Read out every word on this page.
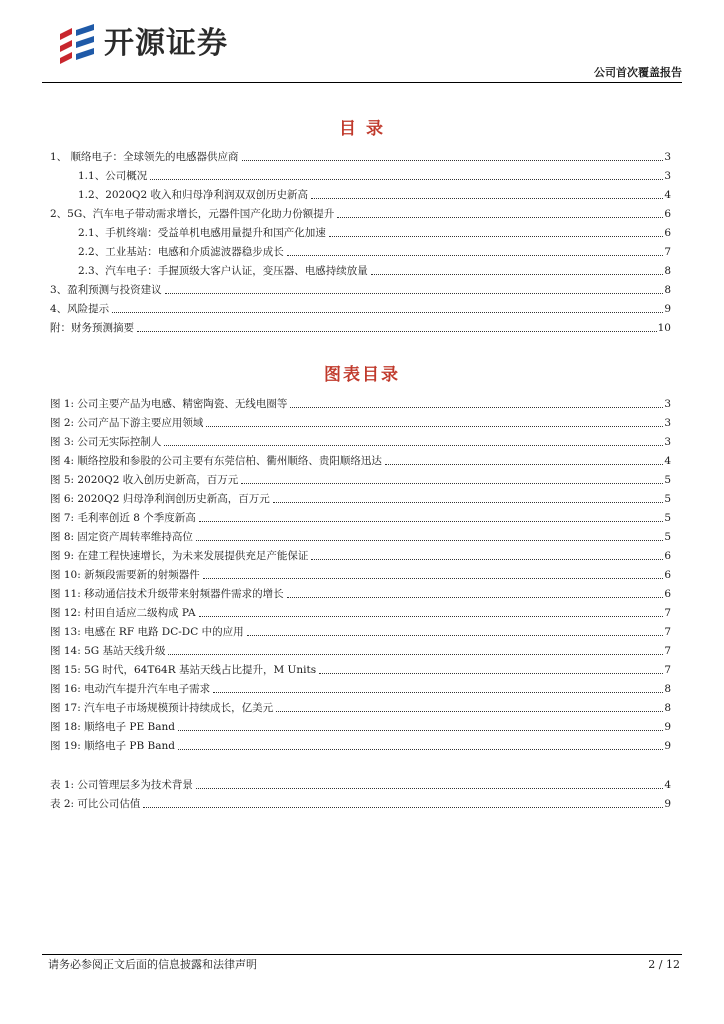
开源证券
公司首次覆盖报告
目 录
1、 顺络电子：全球领先的电感器供应商	3
1.1、公司概况	3
1.2、2020Q2 收入和归母净利润双双创历史新高	4
2、5G、汽车电子带动需求增长，元器件国产化助力份额提升	6
2.1、手机终端：受益单机电感用量提升和国产化加速	6
2.2、工业基站：电感和介质滤波器稳步成长	7
2.3、汽车电子：手握顶级大客户认证，变压器、电感持续放量	8
3、盈利预测与投资建议	8
4、风险提示	9
附：财务预测摘要	10
图表目录
图 1: 公司主要产品为电感、精密陶瓷、无线电圈等	3
图 2: 公司产品下游主要应用领域	3
图 3: 公司无实际控制人	3
图 4: 顺络控股和参股的公司主要有东莞信柏、衢州顺络、贵阳顺络迅达	4
图 5: 2020Q2 收入创历史新高，百万元	5
图 6: 2020Q2 归母净利润创历史新高，百万元	5
图 7: 毛利率创近 8 个季度新高	5
图 8: 固定资产周转率维持高位	5
图 9: 在建工程快速增长，为未来发展提供充足产能保证	6
图 10: 新频段需要新的射频器件	6
图 11: 移动通信技术升级带来射频器件需求的增长	6
图 12: 村田自适应二级构成 PA	7
图 13: 电感在 RF 电路 DC-DC 中的应用	7
图 14: 5G 基站天线升级	7
图 15: 5G 时代，64T64R 基站天线占比提升，M Units	7
图 16: 电动汽车提升汽车电子需求	8
图 17: 汽车电子市场规模预计持续成长，亿美元	8
图 18: 顺络电子 PE Band	9
图 19: 顺络电子 PB Band	9
表 1: 公司管理层多为技术背景	4
表 2: 可比公司估值	9
请务必参阅正文后面的信息披露和法律声明	2 / 12
